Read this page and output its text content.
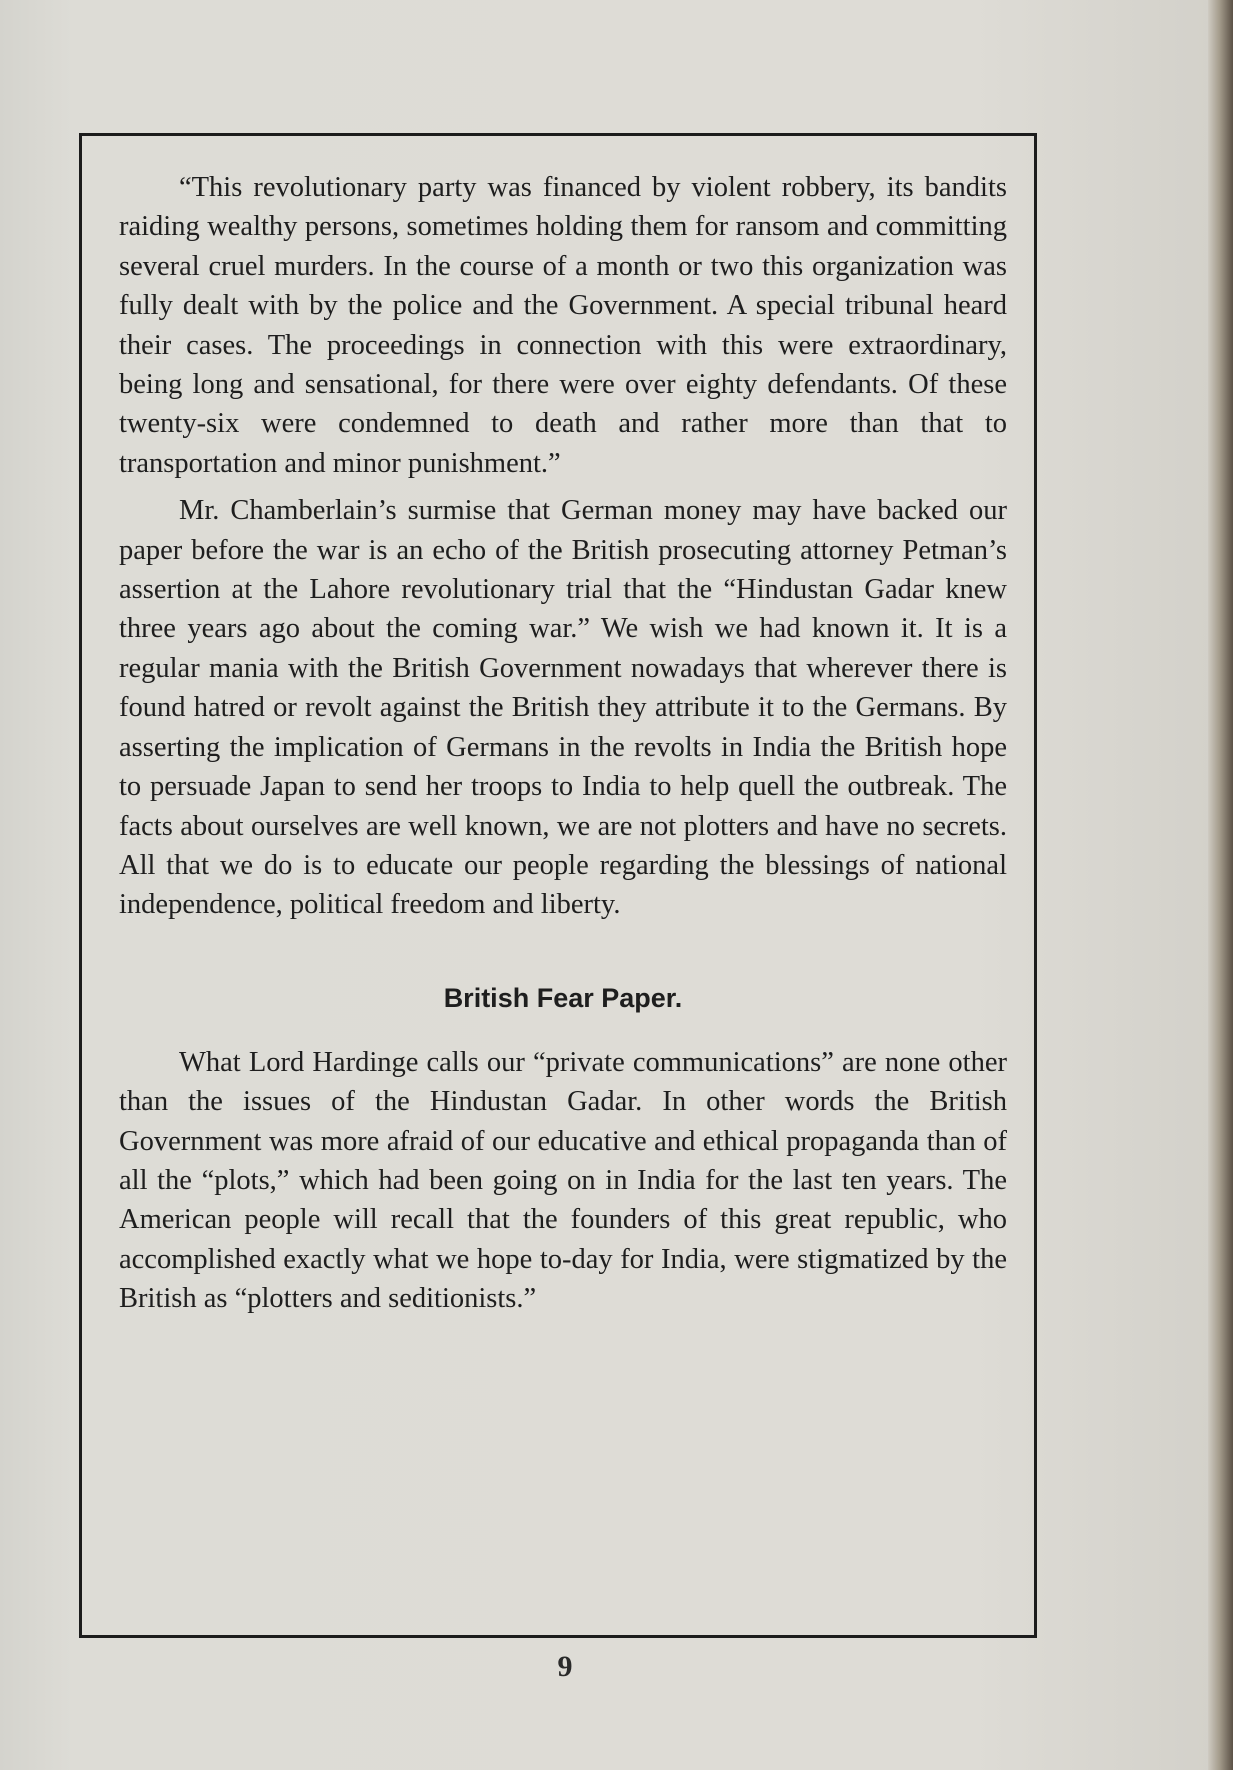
“This revolutionary party was financed by violent robbery, its bandits raiding wealthy persons, sometimes holding them for ransom and committing several cruel murders. In the course of a month or two this organization was fully dealt with by the police and the Government. A special tribunal heard their cases. The proceedings in connection with this were extraordinary, being long and sensational, for there were over eighty defendants. Of these twenty-six were condemned to death and rather more than that to transportation and minor punishment.”

Mr. Chamberlain’s surmise that German money may have backed our paper before the war is an echo of the British prosecuting attorney Petman’s assertion at the Lahore revolutionary trial that the “Hindustan Gadar knew three years ago about the coming war.” We wish we had known it. It is a regular mania with the British Government nowadays that wherever there is found hatred or revolt against the British they attribute it to the Germans. By asserting the implication of Germans in the revolts in India the British hope to persuade Japan to send her troops to India to help quell the outbreak. The facts about ourselves are well known, we are not plotters and have no secrets. All that we do is to educate our people regarding the blessings of national independence, political freedom and liberty.

British Fear Paper.

What Lord Hardinge calls our “private communications” are none other than the issues of the Hindustan Gadar. In other words the British Government was more afraid of our educative and ethical propaganda than of all the “plots,” which had been going on in India for the last ten years. The American people will recall that the founders of this great republic, who accomplished exactly what we hope to-day for India, were stigmatized by the British as “plotters and seditionists.”

9
